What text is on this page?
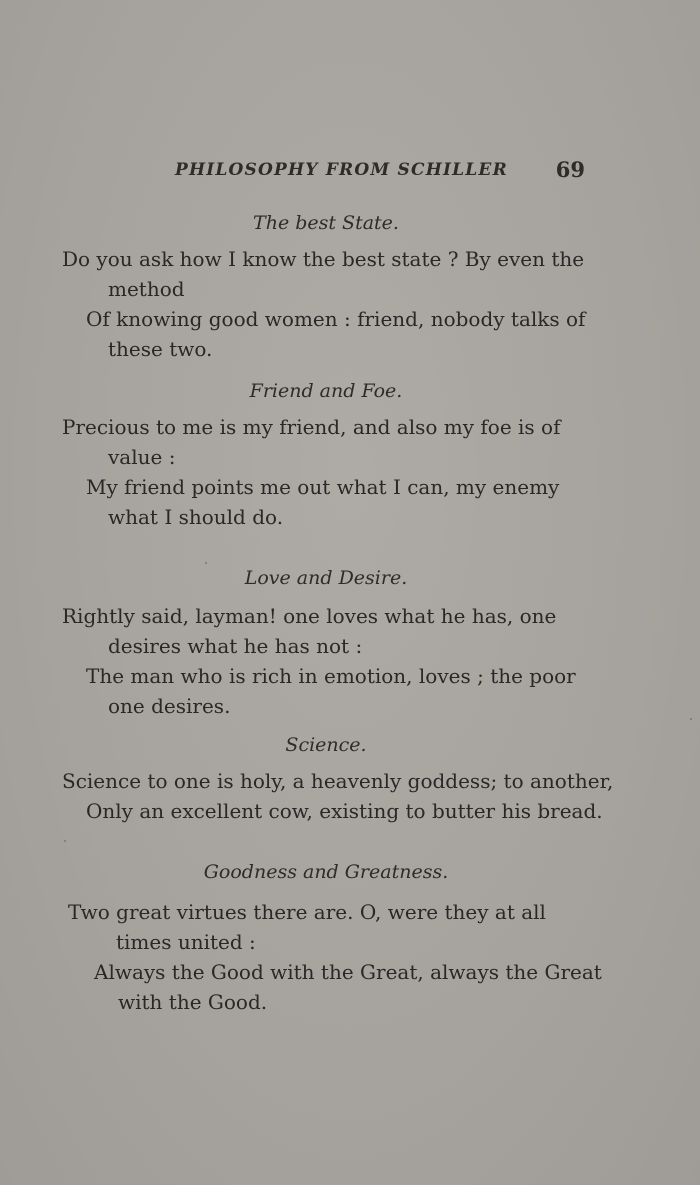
PHILOSOPHY FROM SCHILLER 69

The best State.

Do you ask how I know the best state ? By even the

method

Of knowing good women : friend, nobody talks of

these two.

Friend and Foe.

Precious to me is my friend, and also my foe is of

value :

My friend points me out what I can, my enemy

what I should do.

Love and Desire.

Rightly said, layman! one loves what he has, one

desires what he has not :

The man who is rich in emotion, loves ; the poor

one desires.

Science.

Science to one is holy, a heavenly goddess; to another,

Only an excellent cow, existing to butter his bread.

Goodness and Greatness.

Two great virtues there are. O, were they at all

times united :

Always the Good with the Great, always the Great

with the Good.
